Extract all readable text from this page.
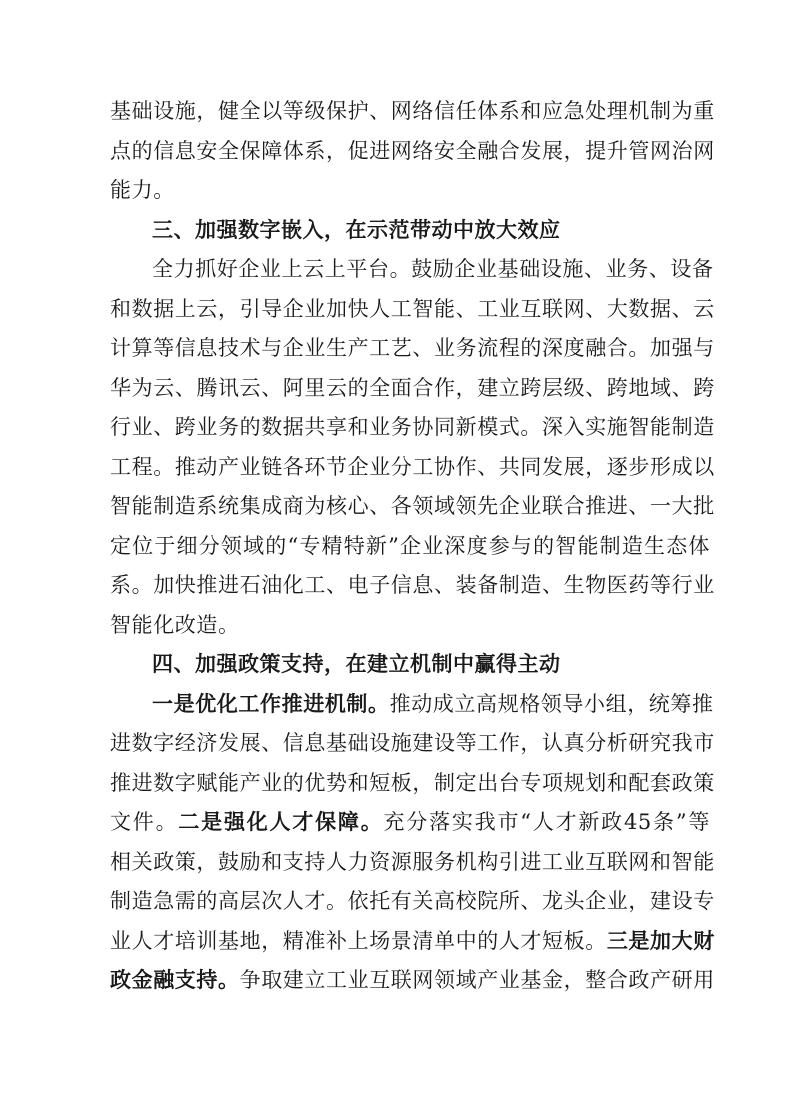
基础设施，健全以等级保护、网络信任体系和应急处理机制为重
点的信息安全保障体系，促进网络安全融合发展，提升管网治网
能力。
三、加强数字嵌入，在示范带动中放大效应
全力抓好企业上云上平台。鼓励企业基础设施、业务、设备
和数据上云，引导企业加快人工智能、工业互联网、大数据、云
计算等信息技术与企业生产工艺、业务流程的深度融合。加强与
华为云、腾讯云、阿里云的全面合作，建立跨层级、跨地域、跨
行业、跨业务的数据共享和业务协同新模式。深入实施智能制造
工程。推动产业链各环节企业分工协作、共同发展，逐步形成以
智能制造系统集成商为核心、各领域领先企业联合推进、一大批
定位于细分领域的“专精特新”企业深度参与的智能制造生态体
系。加快推进石油化工、电子信息、装备制造、生物医药等行业
智能化改造。
四、加强政策支持，在建立机制中赢得主动
一是优化工作推进机制。推动成立高规格领导小组，统筹推
进数字经济发展、信息基础设施建设等工作，认真分析研究我市
推进数字赋能产业的优势和短板，制定出台专项规划和配套政策
文件。二是强化人才保障。充分落实我市“人才新政45条”等
相关政策，鼓励和支持人力资源服务机构引进工业互联网和智能
制造急需的高层次人才。依托有关高校院所、龙头企业，建设专
业人才培训基地，精准补上场景清单中的人才短板。三是加大财
政金融支持。争取建立工业互联网领域产业基金，整合政产研用
